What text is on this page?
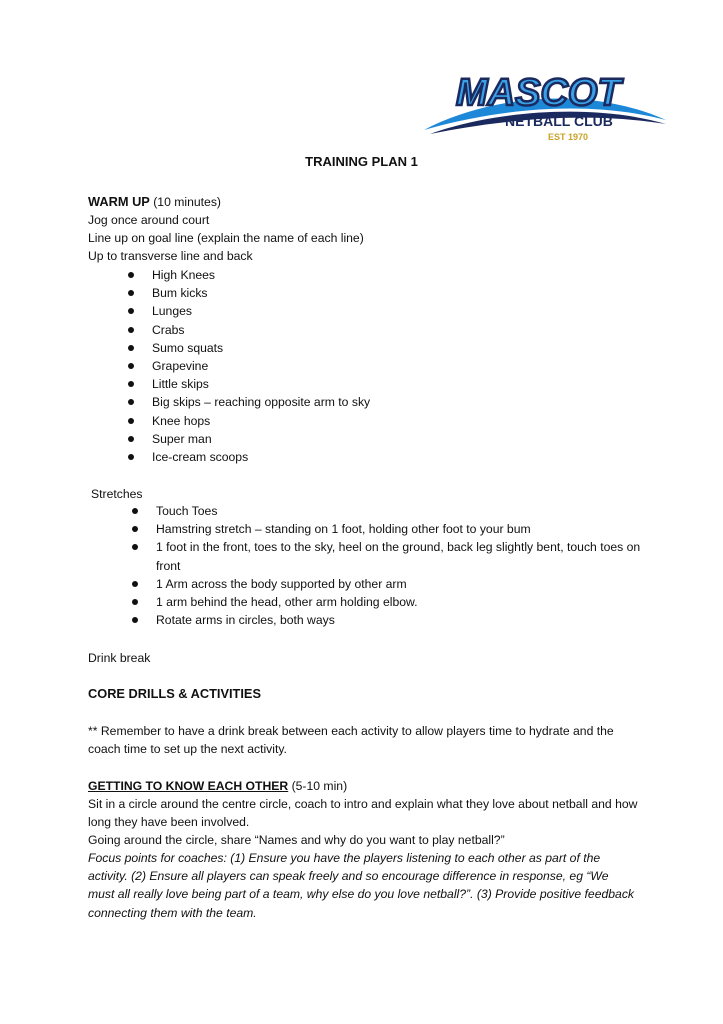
MASCOT
NETBALL CLUB
EST 1970
TRAINING PLAN 1
WARM UP (10 minutes)
Jog once around court
Line up on goal line (explain the name of each line)
Up to transverse line and back
High Knees
Bum kicks
Lunges
Crabs
Sumo squats
Grapevine
Little skips
Big skips – reaching opposite arm to sky
Knee hops
Super man
Ice-cream scoops
Stretches
Touch Toes
Hamstring stretch – standing on 1 foot, holding other foot to your bum
1 foot in the front, toes to the sky, heel on the ground, back leg slightly bent, touch toes on front
1 Arm across the body supported by other arm
1 arm behind the head, other arm holding elbow.
Rotate arms in circles, both ways
Drink break
CORE DRILLS & ACTIVITIES
** Remember to have a drink break between each activity to allow players time to hydrate and the coach time to set up the next activity.
GETTING TO KNOW EACH OTHER (5-10 min)
Sit in a circle around the centre circle, coach to intro and explain what they love about netball and how long they have been involved.
Going around the circle, share “Names and why do you want to play netball?”
Focus points for coaches: (1) Ensure you have the players listening to each other as part of the activity. (2) Ensure all players can speak freely and so encourage difference in response, eg “We must all really love being part of a team, why else do you love netball?”. (3) Provide positive feedback connecting them with the team.
